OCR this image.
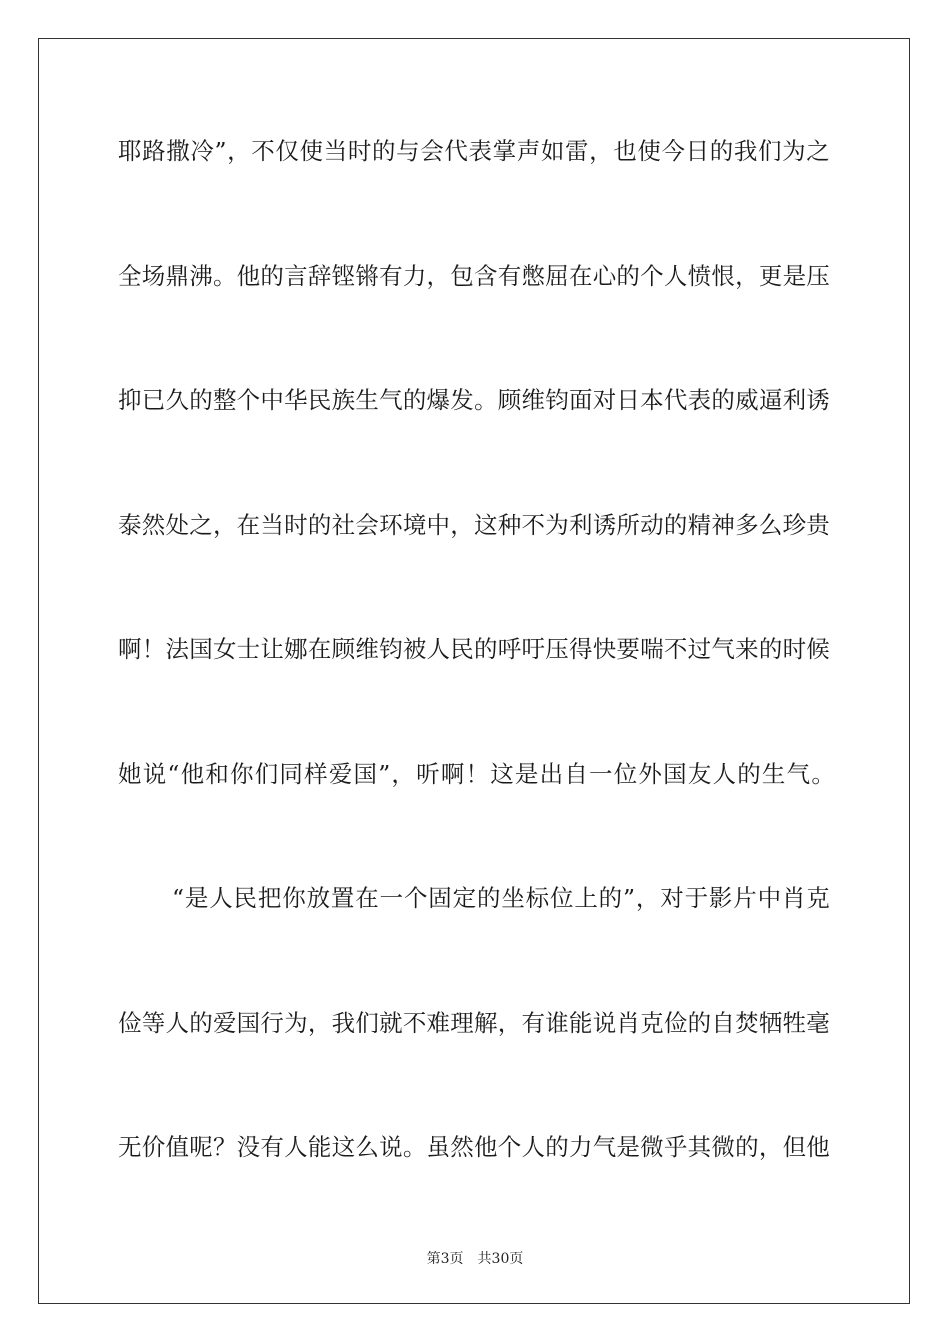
耶路撒冷”，不仅使当时的与会代表掌声如雷，也使今日的我们为之
全场鼎沸。他的言辞铿锵有力，包含有憋屈在心的个人愤恨，更是压
抑已久的整个中华民族生气的爆发。顾维钧面对日本代表的威逼利诱
泰然处之，在当时的社会环境中，这种不为利诱所动的精神多么珍贵
啊！法国女士让娜在顾维钧被人民的呼吁压得快要喘不过气来的时候
她说“他和你们同样爱国”，听啊！这是出自一位外国友人的生气。
“是人民把你放置在一个固定的坐标位上的”，对于影片中肖克
俭等人的爱国行为，我们就不难理解，有谁能说肖克俭的自焚牺牲毫
无价值呢？没有人能这么说。虽然他个人的力气是微乎其微的，但他
第3页 共30页
